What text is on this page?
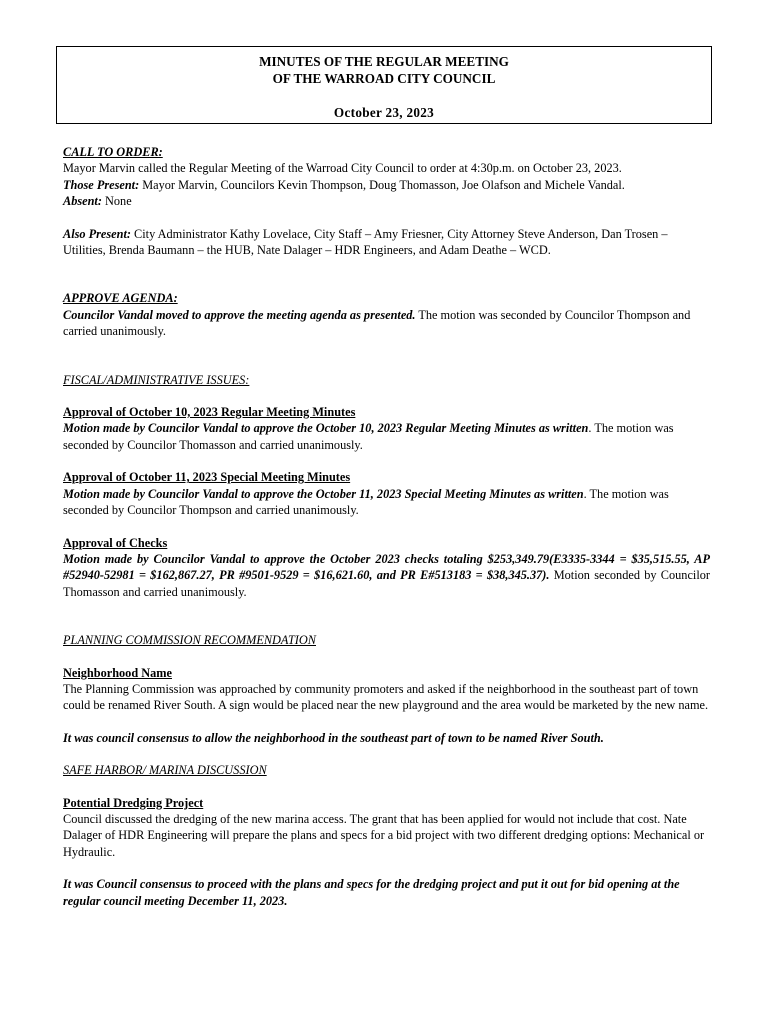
MINUTES OF THE REGULAR MEETING
OF THE WARROAD CITY COUNCIL
October 23, 2023

CALL TO ORDER:

Mayor Marvin called the Regular Meeting of the Warroad City Council to order at 4:30p.m. on October 23, 2023.

Those Present: Mayor Marvin, Councilors Kevin Thompson, Doug Thomasson, Joe Olafson and Michele Vandal.

Absent: None

Also Present: City Administrator Kathy Lovelace, City Staff – Amy Friesner, City Attorney Steve Anderson, Dan Trosen – Utilities, Brenda Baumann – the HUB, Nate Dalager – HDR Engineers, and Adam Deathe – WCD.

APPROVE AGENDA:

Councilor Vandal moved to approve the meeting agenda as presented. The motion was seconded by Councilor Thompson and carried unanimously.

FISCAL/ADMINISTRATIVE ISSUES:

Approval of October 10, 2023 Regular Meeting Minutes

Motion made by Councilor Vandal to approve the October 10, 2023 Regular Meeting Minutes as written. The motion was seconded by Councilor Thomasson and carried unanimously.

Approval of October 11, 2023 Special Meeting Minutes

Motion made by Councilor Vandal to approve the October 11, 2023 Special Meeting Minutes as written. The motion was seconded by Councilor Thompson and carried unanimously.

Approval of Checks

Motion made by Councilor Vandal to approve the October 2023 checks totaling $253,349.79(E3335-3344 = $35,515.55, AP #52940-52981 = $162,867.27, PR #9501-9529 = $16,621.60, and PR E#513183 = $38,345.37). Motion seconded by Councilor Thomasson and carried unanimously.

PLANNING COMMISSION RECOMMENDATION

Neighborhood Name

The Planning Commission was approached by community promoters and asked if the neighborhood in the southeast part of town could be renamed River South. A sign would be placed near the new playground and the area would be marketed by the new name.

It was council consensus to allow the neighborhood in the southeast part of town to be named River South.

SAFE HARBOR/ MARINA DISCUSSION

Potential Dredging Project

Council discussed the dredging of the new marina access. The grant that has been applied for would not include that cost. Nate Dalager of HDR Engineering will prepare the plans and specs for a bid project with two different dredging options: Mechanical or Hydraulic.

It was Council consensus to proceed with the plans and specs for the dredging project and put it out for bid opening at the regular council meeting December 11, 2023.
